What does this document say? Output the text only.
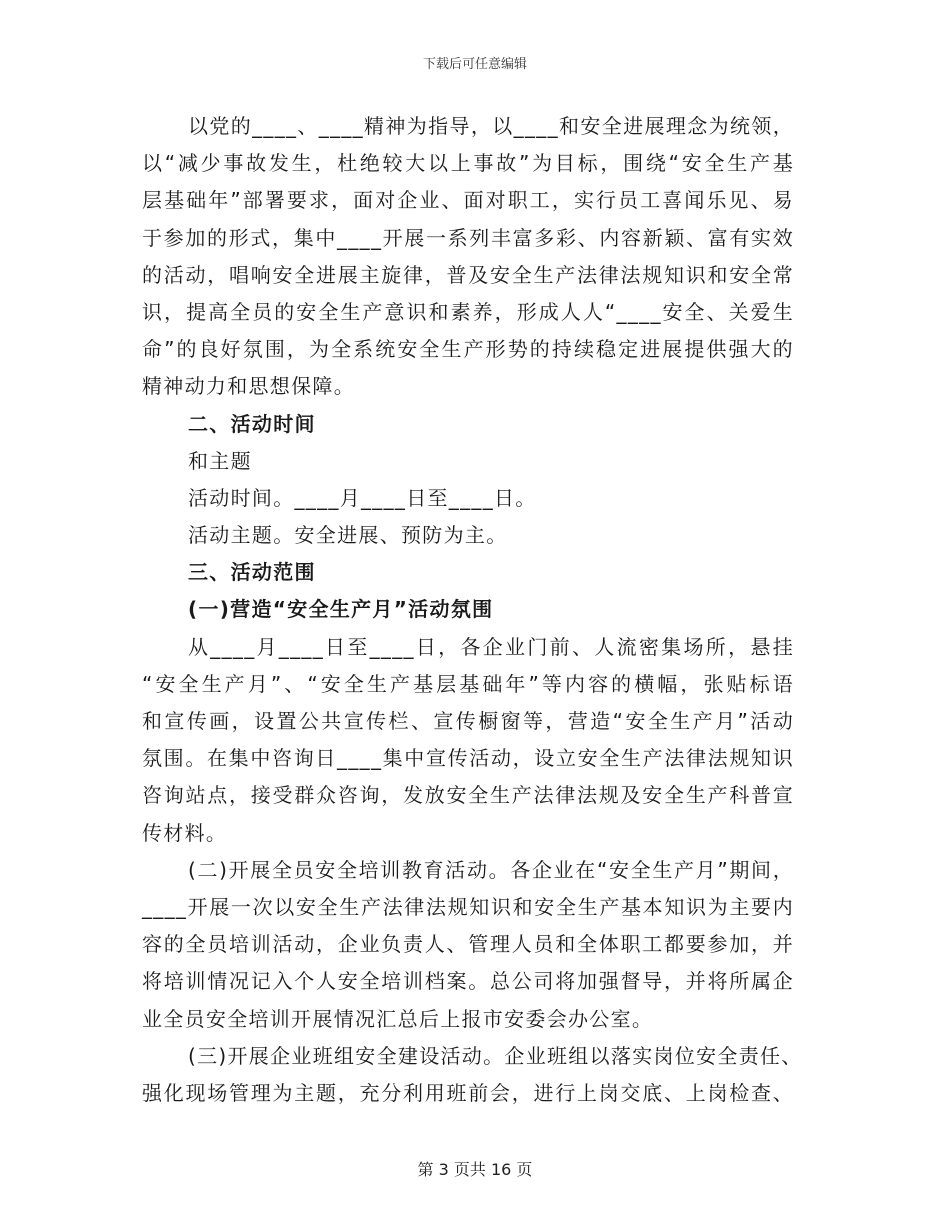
下载后可任意编辑
以党的____、____精神为指导，以____和安全进展理念为统领，
以“减少事故发生，杜绝较大以上事故”为目标，围绕“安全生产基
层基础年”部署要求，面对企业、面对职工，实行员工喜闻乐见、易
于参加的形式，集中____开展一系列丰富多彩、内容新颖、富有实效
的活动，唱响安全进展主旋律，普及安全生产法律法规知识和安全常
识，提高全员的安全生产意识和素养，形成人人“____安全、关爱生
命”的良好氛围，为全系统安全生产形势的持续稳定进展提供强大的
精神动力和思想保障。
二、活动时间
和主题
活动时间。____月____日至____日。
活动主题。安全进展、预防为主。
三、活动范围
(一)营造“安全生产月”活动氛围
从____月____日至____日，各企业门前、人流密集场所，悬挂
“安全生产月”、“安全生产基层基础年”等内容的横幅，张贴标语
和宣传画，设置公共宣传栏、宣传橱窗等，营造“安全生产月”活动
氛围。在集中咨询日____集中宣传活动，设立安全生产法律法规知识
咨询站点，接受群众咨询，发放安全生产法律法规及安全生产科普宣
传材料。
(二)开展全员安全培训教育活动。各企业在“安全生产月”期间，
____开展一次以安全生产法律法规知识和安全生产基本知识为主要内
容的全员培训活动，企业负责人、管理人员和全体职工都要参加，并
将培训情况记入个人安全培训档案。总公司将加强督导，并将所属企
业全员安全培训开展情况汇总后上报市安委会办公室。
(三)开展企业班组安全建设活动。企业班组以落实岗位安全责任、
强化现场管理为主题，充分利用班前会，进行上岗交底、上岗检查、
第 3 页共 16 页
